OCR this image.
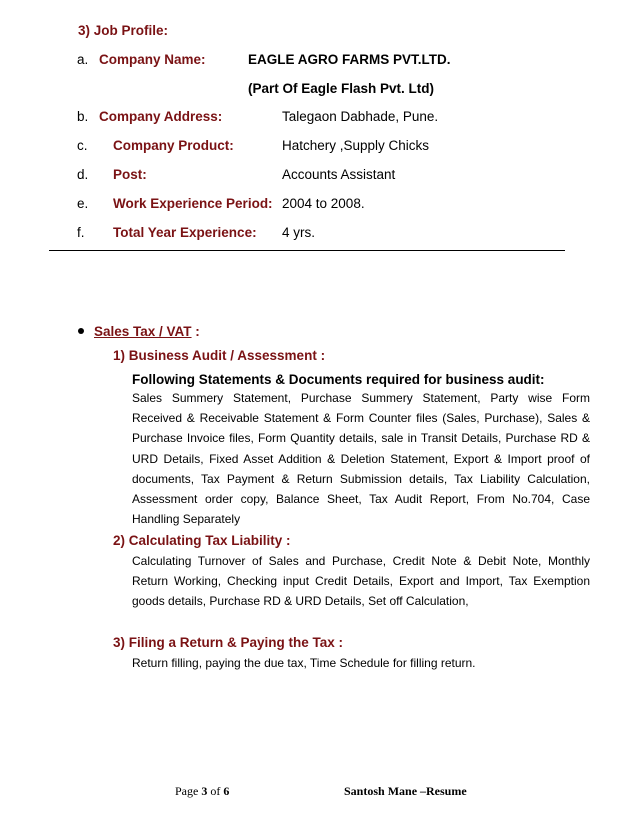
3) Job Profile:
a. Company Name:	EAGLE AGRO FARMS PVT.LTD.
(Part Of Eagle Flash Pvt. Ltd)
b. Company Address:	Talegaon Dabhade, Pune.
c. Company Product:	Hatchery ,Supply Chicks
d. Post:	Accounts Assistant
e. Work Experience Period: 2004 to 2008.
f. Total Year Experience: 4 yrs.
Sales Tax / VAT :
1) Business Audit / Assessment :
Following Statements & Documents required for business audit:
Sales Summery Statement, Purchase Summery Statement, Party wise Form Received & Receivable Statement & Form Counter files (Sales, Purchase), Sales & Purchase Invoice files, Form Quantity details, sale in Transit Details, Purchase RD & URD Details, Fixed Asset Addition & Deletion Statement, Export & Import proof of documents, Tax Payment & Return Submission details, Tax Liability Calculation, Assessment order copy, Balance Sheet, Tax Audit Report, From No.704, Case Handling Separately
2) Calculating Tax Liability :
Calculating Turnover of Sales and Purchase, Credit Note & Debit Note, Monthly Return Working, Checking input Credit Details, Export and Import, Tax Exemption goods details, Purchase RD & URD Details, Set off Calculation,
3) Filing a Return & Paying the Tax :
Return filling, paying the due tax, Time Schedule for filling return.
Page 3 of 6	Santosh Mane –Resume
